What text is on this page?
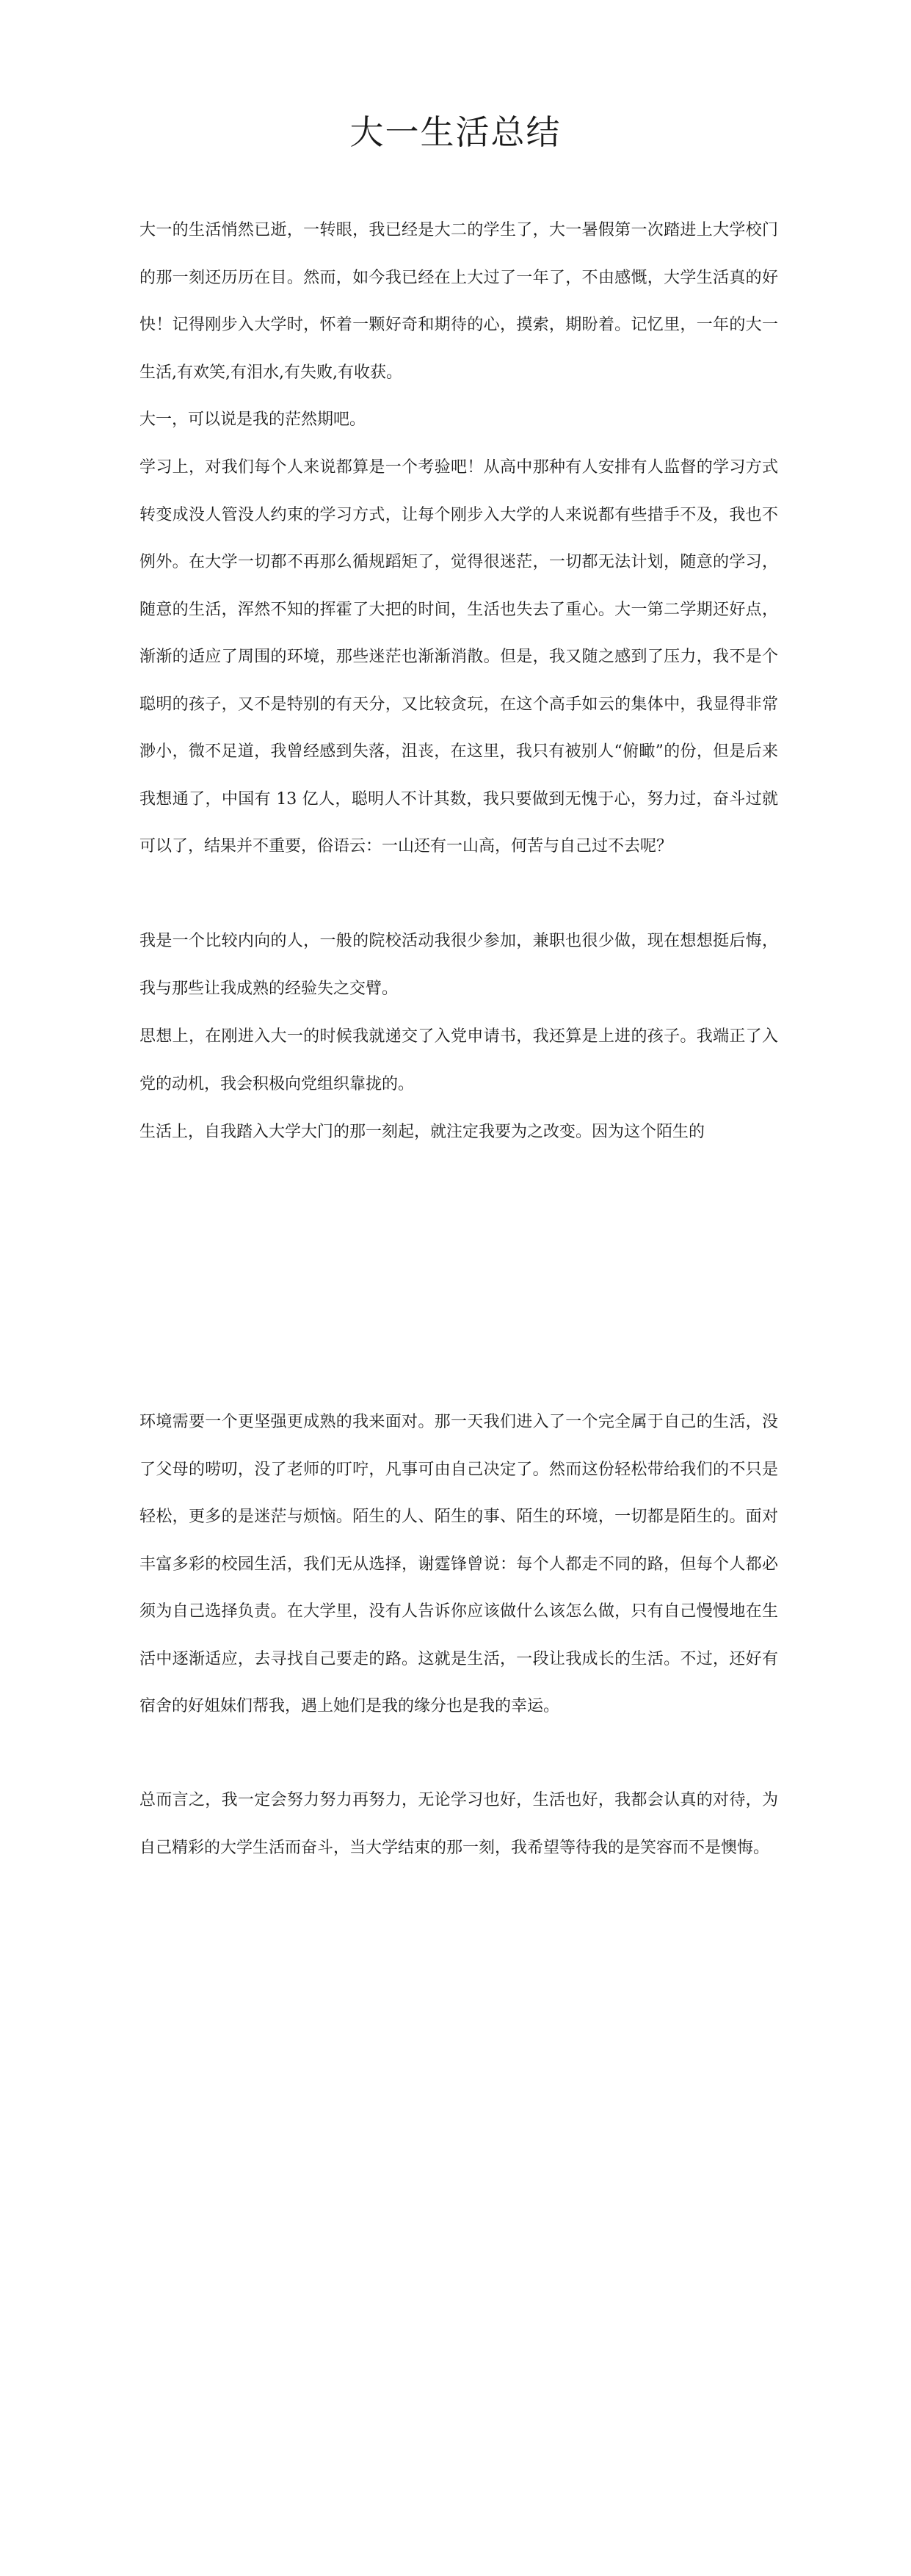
大一生活总结

大一的生活悄然已逝，一转眼，我已经是大二的学生了，大一暑假第一次踏进上大学校门的那一刻还历历在目。然而，如今我已经在上大过了一年了，不由感慨，大学生活真的好快！记得刚步入大学时，怀着一颗好奇和期待的心，摸索，期盼着。记忆里，一年的大一生活,有欢笑,有泪水,有失败,有收获。

大一，可以说是我的茫然期吧。

学习上，对我们每个人来说都算是一个考验吧！从高中那种有人安排有人监督的学习方式转变成没人管没人约束的学习方式，让每个刚步入大学的人来说都有些措手不及，我也不例外。在大学一切都不再那么循规蹈矩了，觉得很迷茫，一切都无法计划，随意的学习，随意的生活，浑然不知的挥霍了大把的时间，生活也失去了重心。大一第二学期还好点，渐渐的适应了周围的环境，那些迷茫也渐渐消散。但是，我又随之感到了压力，我不是个聪明的孩子，又不是特别的有天分，又比较贪玩，在这个高手如云的集体中，我显得非常渺小，微不足道，我曾经感到失落，沮丧，在这里，我只有被别人“俯瞰”的份，但是后来我想通了，中国有 13 亿人，聪明人不计其数，我只要做到无愧于心，努力过，奋斗过就可以了，结果并不重要，俗语云：一山还有一山高，何苦与自己过不去呢？

我是一个比较内向的人，一般的院校活动我很少参加，兼职也很少做，现在想想挺后悔，我与那些让我成熟的经验失之交臂。

思想上，在刚进入大一的时候我就递交了入党申请书，我还算是上进的孩子。我端正了入党的动机，我会积极向党组织靠拢的。

生活上，自我踏入大学大门的那一刻起，就注定我要为之改变。因为这个陌生的

环境需要一个更坚强更成熟的我来面对。那一天我们进入了一个完全属于自己的生活，没了父母的唠叨，没了老师的叮咛，凡事可由自己决定了。然而这份轻松带给我们的不只是轻松，更多的是迷茫与烦恼。陌生的人、陌生的事、陌生的环境，一切都是陌生的。面对丰富多彩的校园生活，我们无从选择，谢霆锋曾说：每个人都走不同的路，但每个人都必须为自己选择负责。在大学里，没有人告诉你应该做什么该怎么做，只有自己慢慢地在生活中逐渐适应，去寻找自己要走的路。这就是生活，一段让我成长的生活。不过，还好有宿舍的好姐妹们帮我，遇上她们是我的缘分也是我的幸运。

总而言之，我一定会努力努力再努力，无论学习也好，生活也好，我都会认真的对待，为自己精彩的大学生活而奋斗，当大学结束的那一刻，我希望等待我的是笑容而不是懊悔。
